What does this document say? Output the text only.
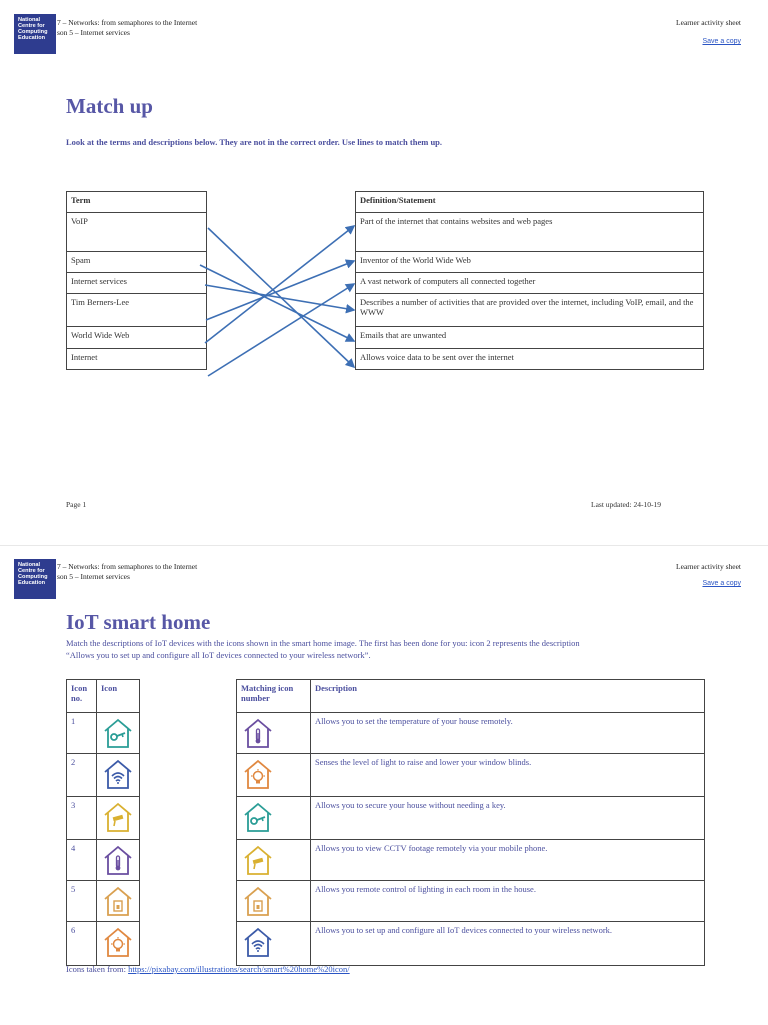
National
Centre for
Computing
Education
7 – Networks: from semaphores to the Internet
son 5 – Internet services
Learner activity sheet
Save a copy
Match up
Look at the terms and descriptions below. They are not in the correct order. Use lines to match them up.
Term
VoIP
Spam
Internet services
Tim Berners-Lee
World Wide Web
Internet
Definition/Statement
Part of the internet that contains websites and web pages
Inventor of the World Wide Web
A vast network of computers all connected together
Describes a number of activities that are provided over the internet, including VoIP, email, and the WWW
Emails that are unwanted
Allows voice data to be sent over the internet
Page 1	Last updated: 24-10-19
National
Centre for
Computing
Education
7 – Networks: from semaphores to the Internet
son 5 – Internet services
Learner activity sheet
Save a copy
IoT smart home
Match the descriptions of IoT devices with the icons shown in the smart home image. The first has been done for you: icon 2 represents the description
“Allows you to set up and configure all IoT devices connected to your wireless network”.
Icon no.	Icon
1	

2	

3	

4	

5	

6	
Matching icon number	Description

	Allows you to set the temperature of your house remotely.

	Senses the level of light to raise and lower your window blinds.

	Allows you to secure your house without needing a key.

	Allows you to view CCTV footage remotely via your mobile phone.

	Allows you remote control of lighting in each room in the house.

	Allows you to set up and configure all IoT devices connected to your wireless network.
Icons taken from: https://pixabay.com/illustrations/search/smart%20home%20icon/
